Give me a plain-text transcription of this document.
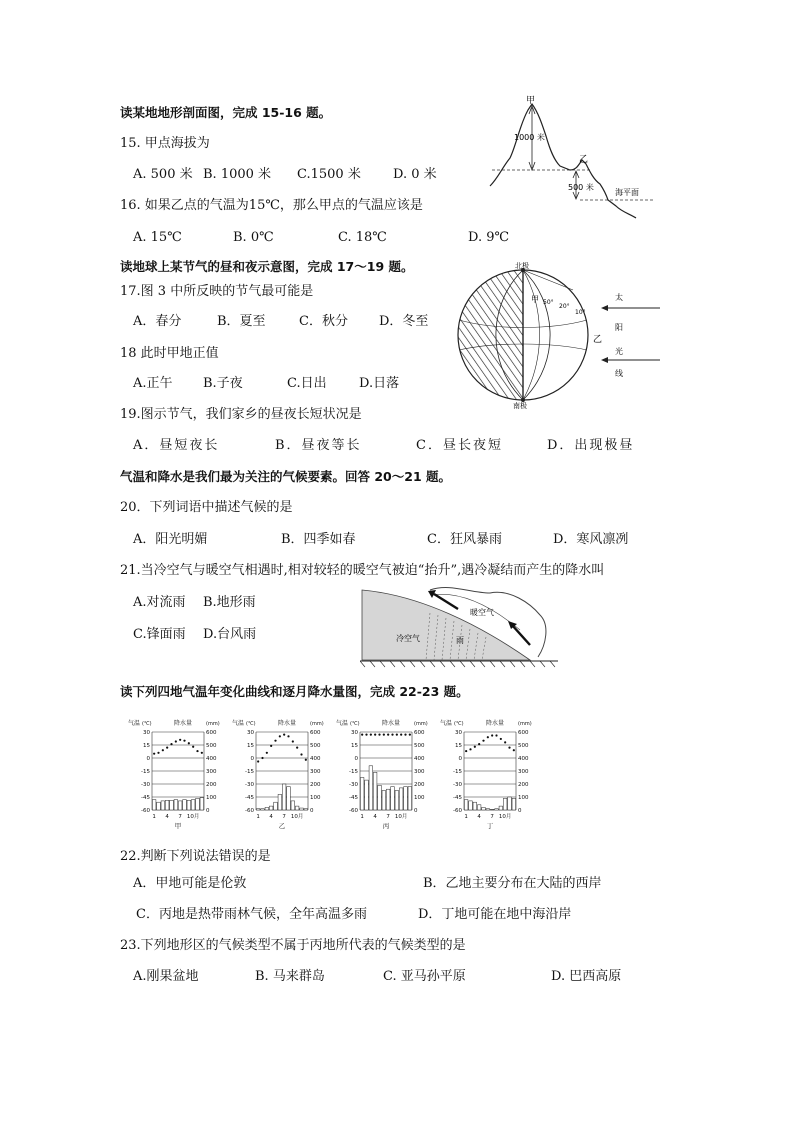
读某地地形剖面图，完成 15-16 题。
15. 甲点海拔为
A. 500 米 B. 1000 米 C.1500 米 D. 0 米
16. 如果乙点的气温为15℃，那么甲点的气温应该是
A. 15℃	B. 0℃	C. 18℃	D. 9℃
甲
1000 米
乙
500 米
海平面
读地球上某节气的昼和夜示意图，完成 17～19 题。
17.图 3 中所反映的节气最可能是
A．春分	B．夏至	C．秋分 D．冬至
18 此时甲地正值
A.正午 B.子夜	C.日出 D.日落
19.图示节气，我们家乡的昼夜长短状况是
A．昼短夜长	B．昼夜等长	C．昼长夜短	D．出现极昼
北极
南极
甲
乙
50°
20°
10°
太
阳
光
线
气温和降水是我们最为关注的气候要素。回答 20～21 题。
20．下列词语中描述气候的是
A．阳光明媚	B．四季如春	C．狂风暴雨	D．寒风凛冽
21.当冷空气与暖空气相遇时,相对较轻的暖空气被迫“抬升”,遇冷凝结而产生的降水叫
A.对流雨 B.地形雨
C.锋面雨 D.台风雨
暖空气
冷空气	雨
读下列四地气温年变化曲线和逐月降水量图，完成 22-23 题。
气温 (℃)	降水量	(mm)
30	600
15	500
0	400
-15	300
-30	200
-45	100
-60	0
1 4 7 10月
甲
气温 (℃)	降水量	(mm)
30	600
15	500
0	400
-15	300
-30	200
-45	100
-60	0
1 4 7 10月
乙
气温 (℃)	降水量	(mm)
30	600
15	500
0	400
-15	300
-30	200
-45	100
-60	0
1 4 7 10月
丙
气温 (℃)	降水量	(mm)
30	600
15	500
0	400
-15	300
-30	200
-45	100
-60	0
1 4 7 10月
丁
22.判断下列说法错误的是
A．甲地可能是伦敦	B．乙地主要分布在大陆的西岸
C．丙地是热带雨林气候，全年高温多雨	D．丁地可能在地中海沿岸
23.下列地形区的气候类型不属于丙地所代表的气候类型的是
A.刚果盆地	B. 马来群岛	C. 亚马孙平原	D. 巴西高原
